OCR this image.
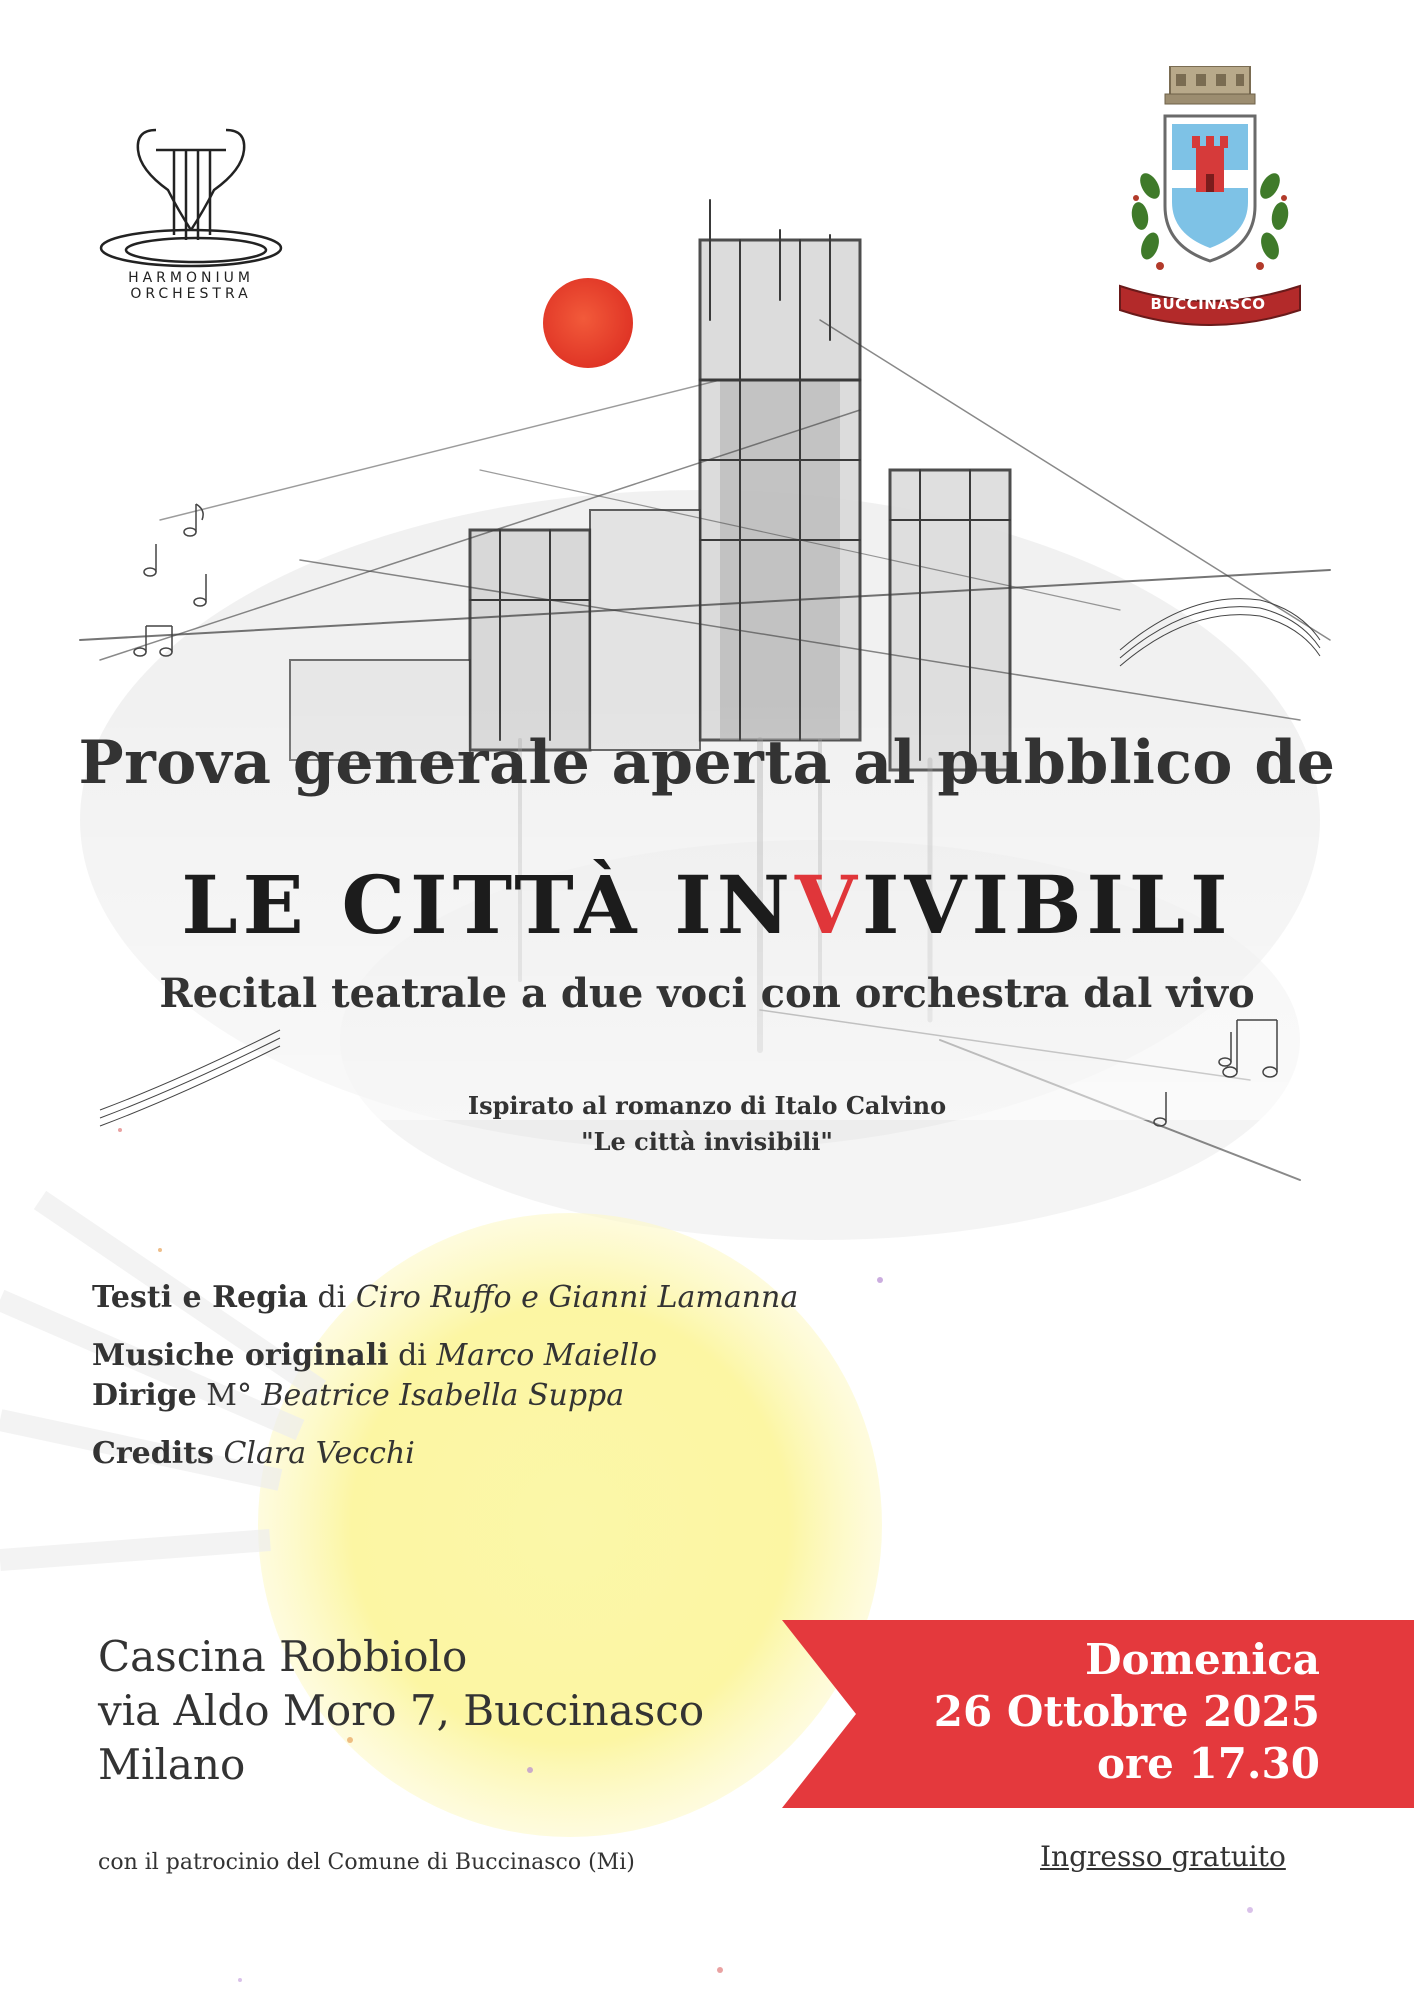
HARMONIUM
ORCHESTRA
BUCCINASCO
Prova generale aperta al pubblico de
LE CITTÀ INVIVIBILI
Recital teatrale a due voci con orchestra dal vivo
Ispirato al romanzo di Italo Calvino
"Le città invisibili"
Testi e Regia di Ciro Ruffo e Gianni Lamanna
Musiche originali di Marco Maiello
Dirige M° Beatrice Isabella Suppa
Credits Clara Vecchi
Cascina Robbiolo
via Aldo Moro 7, Buccinasco
Milano
Domenica
26 Ottobre 2025
ore 17.30
con il patrocinio del Comune di Buccinasco (Mi)	Ingresso gratuito
